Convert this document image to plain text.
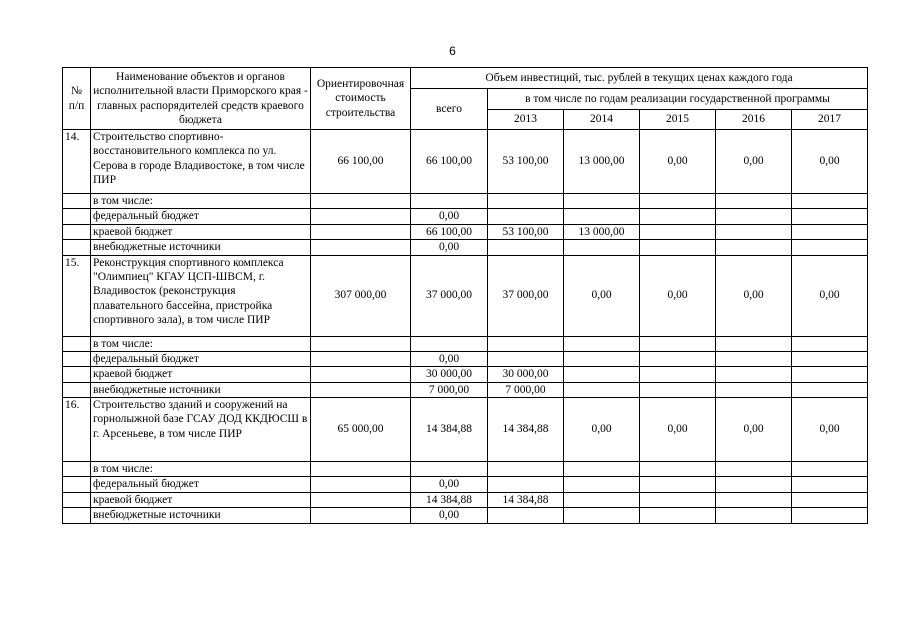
6
№
п/п	Наименование объектов и органов исполнительной власти Приморского края - главных распорядителей средств краевого бюджета	Ориентировочная стоимость строительства	Объем инвестиций, тыс. рублей в текущих ценах каждого года					
			всего	в том числе по годам реализации государственной программы				
				2013	2014	2015	2016	2017
14.	Строительство спортивно-восстановительного комплекса по ул. Серова в городе Владивостоке, в том числе ПИР	66 100,00	66 100,00	53 100,00	13 000,00	0,00	0,00	0,00
	в том числе:							
	федеральный бюджет		0,00					
	краевой бюджет		66 100,00	53 100,00	13 000,00			
	внебюджетные источники		0,00					
15.	Реконструкция спортивного комплекса "Олимпиец" КГАУ ЦСП-ШВСМ, г. Владивосток (реконструкция плавательного бассейна, пристройка спортивного зала), в том числе ПИР	307 000,00	37 000,00	37 000,00	0,00	0,00	0,00	0,00
	в том числе:							
	федеральный бюджет		0,00					
	краевой бюджет		30 000,00	30 000,00				
	внебюджетные источники		7 000,00	7 000,00				
16.	Строительство зданий и сооружений на горнолыжной базе ГСАУ ДОД ККДЮСШ в г. Арсеньеве, в том числе ПИР	65 000,00	14 384,88	14 384,88	0,00	0,00	0,00	0,00
	в том числе:							
	федеральный бюджет		0,00					
	краевой бюджет		14 384,88	14 384,88				
	внебюджетные источники		0,00					
